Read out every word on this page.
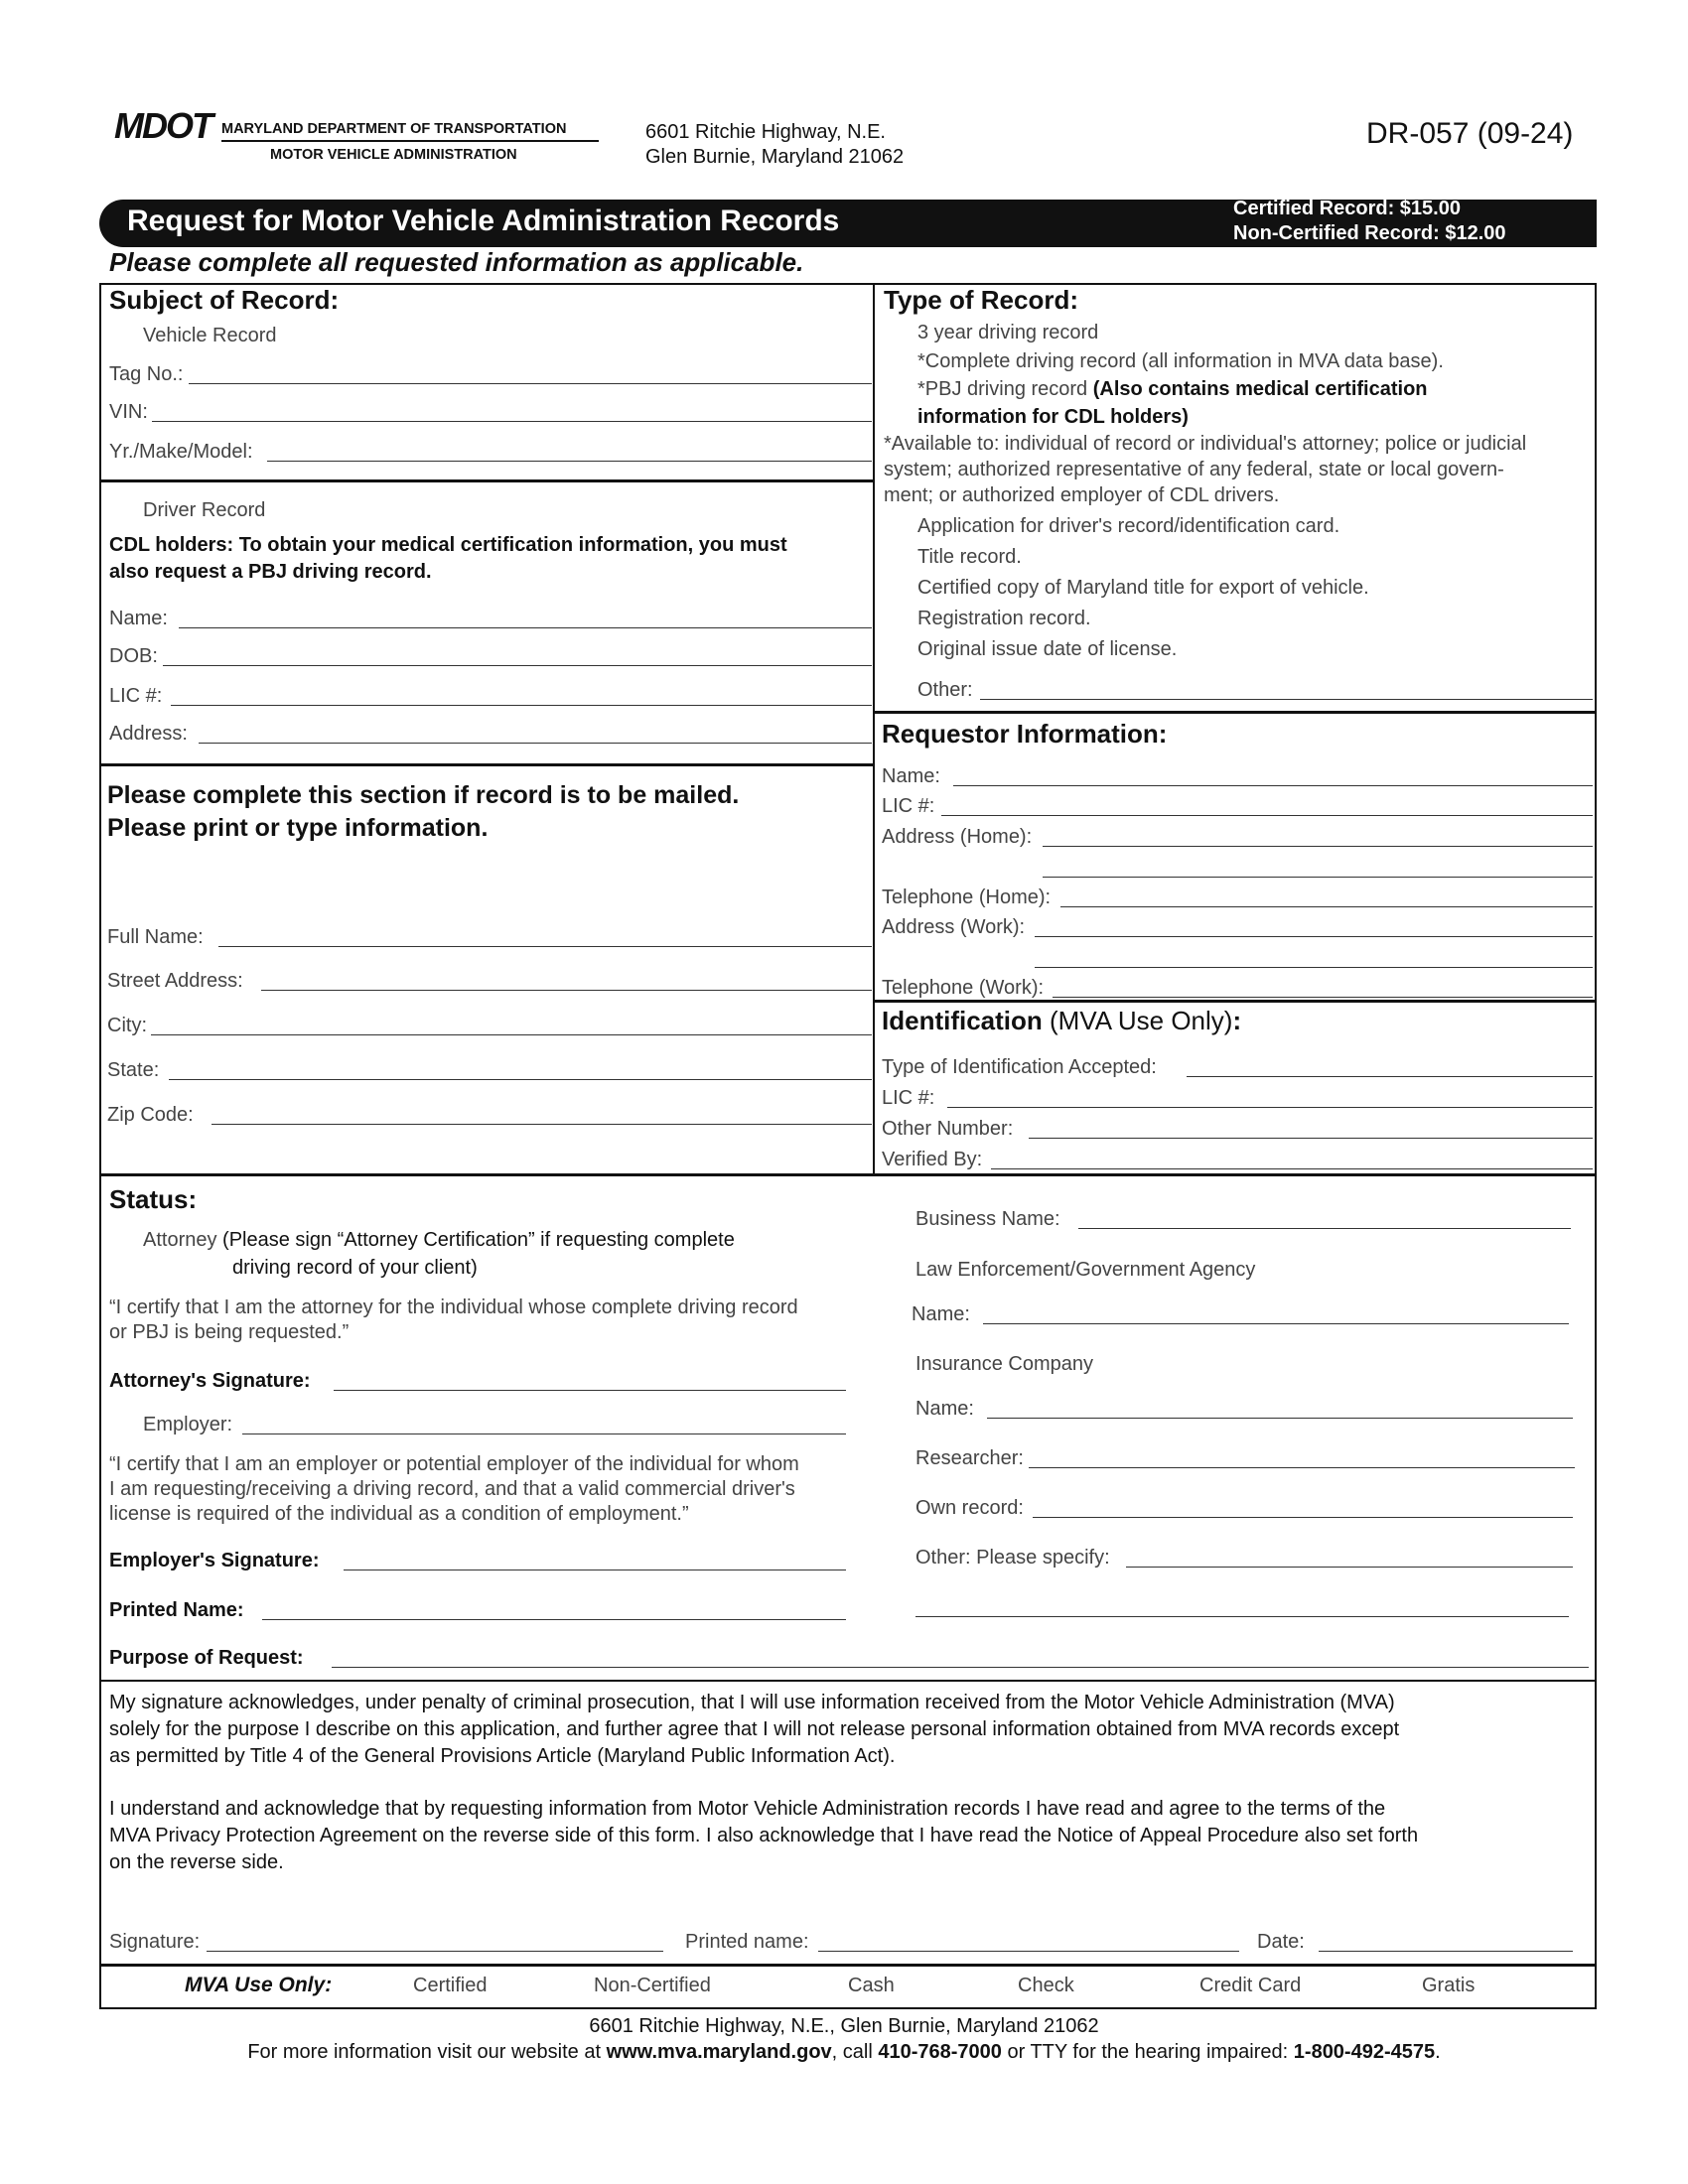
MDOT MARYLAND DEPARTMENT OF TRANSPORTATION
MOTOR VEHICLE ADMINISTRATION
6601 Ritchie Highway, N.E.
Glen Burnie, Maryland 21062
DR-057 (09-24)
Request for Motor Vehicle Administration Records	Certified Record: $15.00
Non-Certified Record: $12.00
Please complete all requested information as applicable.
Subject of Record:
Vehicle Record
Tag No.:
VIN:
Yr./Make/Model:
Driver Record
CDL holders: To obtain your medical certification information, you must
also request a PBJ driving record.
Name:
DOB:
LIC #:
Address:
Type of Record:
3 year driving record
*Complete driving record (all information in MVA data base).
*PBJ driving record (Also contains medical certification
information for CDL holders)
*Available to: individual of record or individual's attorney; police or judicial
system; authorized representative of any federal, state or local govern-
ment; or authorized employer of CDL drivers.
Application for driver's record/identification card.
Title record.
Certified copy of Maryland title for export of vehicle.
Registration record.
Original issue date of license.
Other:
Please complete this section if record is to be mailed.
Please print or type information.
Full Name:
Street Address:
City:
State:
Zip Code:
Requestor Information:
Name:
LIC #:
Address (Home):
Telephone (Home):
Address (Work):
Telephone (Work):
Identification (MVA Use Only):
Type of Identification Accepted:
LIC #:
Other Number:
Verified By:
Status:
Attorney (Please sign “Attorney Certification” if requesting complete
driving record of your client)
“I certify that I am the attorney for the individual whose complete driving record
or PBJ is being requested.”
Attorney's Signature:
Employer:
“I certify that I am an employer or potential employer of the individual for whom
I am requesting/receiving a driving record, and that a valid commercial driver's
license is required of the individual as a condition of employment.”
Employer's Signature:
Printed Name:
Purpose of Request:
Business Name:
Law Enforcement/Government Agency
Name:
Insurance Company
Name:
Researcher:
Own record:
Other: Please specify:
My signature acknowledges, under penalty of criminal prosecution, that I will use information received from the Motor Vehicle Administration (MVA)
solely for the purpose I describe on this application, and further agree that I will not release personal information obtained from MVA records except
as permitted by Title 4 of the General Provisions Article (Maryland Public Information Act).
I understand and acknowledge that by requesting information from Motor Vehicle Administration records I have read and agree to the terms of the
MVA Privacy Protection Agreement on the reverse side of this form. I also acknowledge that I have read the Notice of Appeal Procedure also set forth
on the reverse side.
Signature:	Printed name:	Date:
MVA Use Only:	Certified	Non-Certified	Cash	Check	Credit Card	Gratis
6601 Ritchie Highway, N.E., Glen Burnie, Maryland 21062
For more information visit our website at www.mva.maryland.gov, call 410-768-7000 or TTY for the hearing impaired: 1-800-492-4575.
